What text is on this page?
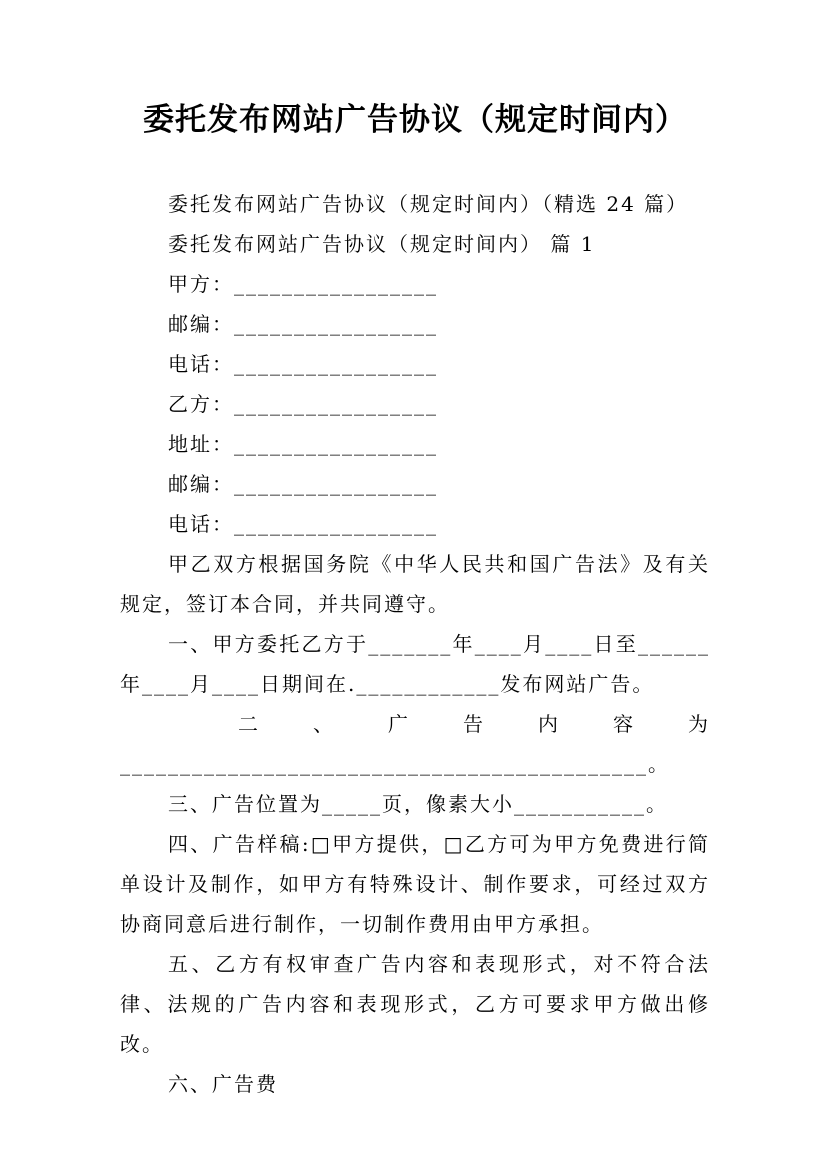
委托发布网站广告协议（规定时间内）
委托发布网站广告协议（规定时间内）（精选 24 篇）
委托发布网站广告协议（规定时间内） 篇 1
甲方：_________________
邮编：_________________
电话：_________________
乙方：_________________
地址：_________________
邮编：_________________
电话：_________________
甲乙双方根据国务院《中华人民共和国广告法》及有关规定，签订本合同，并共同遵守。
一、甲方委托乙方于_______年____月____日至______年____月____日期间在.____________发布网站广告。
二、广告内容为
____________________________________________。
三、广告位置为_____页，像素大小___________。
四、广告样稿:□甲方提供，□乙方可为甲方免费进行简单设计及制作，如甲方有特殊设计、制作要求，可经过双方协商同意后进行制作，一切制作费用由甲方承担。
五、乙方有权审查广告内容和表现形式，对不符合法律、法规的广告内容和表现形式，乙方可要求甲方做出修改。
六、广告费
